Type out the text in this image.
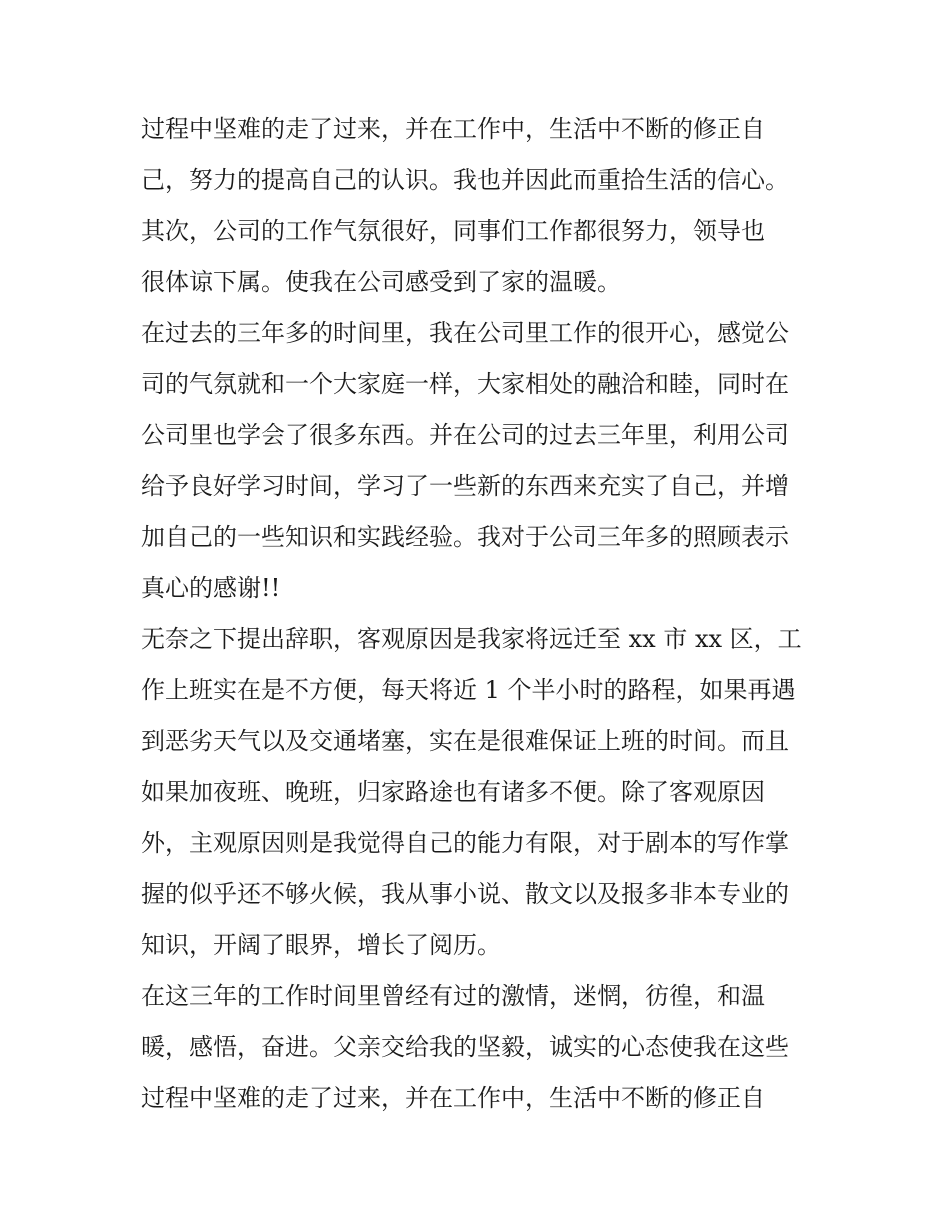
过程中坚难的走了过来，并在工作中，生活中不断的修正自
己，努力的提高自己的认识。我也并因此而重拾生活的信心。
其次，公司的工作气氛很好，同事们工作都很努力，领导也
很体谅下属。使我在公司感受到了家的温暖。
在过去的三年多的时间里，我在公司里工作的很开心，感觉公
司的气氛就和一个大家庭一样，大家相处的融洽和睦，同时在
公司里也学会了很多东西。并在公司的过去三年里，利用公司
给予良好学习时间，学习了一些新的东西来充实了自己，并增
加自己的一些知识和实践经验。我对于公司三年多的照顾表示
真心的感谢!!
无奈之下提出辞职，客观原因是我家将远迁至 xx 市 xx 区，工
作上班实在是不方便，每天将近 1 个半小时的路程，如果再遇
到恶劣天气以及交通堵塞，实在是很难保证上班的时间。而且
如果加夜班、晚班，归家路途也有诸多不便。除了客观原因
外，主观原因则是我觉得自己的能力有限，对于剧本的写作掌
握的似乎还不够火候，我从事小说、散文以及报多非本专业的
知识，开阔了眼界，增长了阅历。
在这三年的工作时间里曾经有过的激情，迷惘，彷徨，和温
暖，感悟，奋进。父亲交给我的坚毅，诚实的心态使我在这些
过程中坚难的走了过来，并在工作中，生活中不断的修正自
